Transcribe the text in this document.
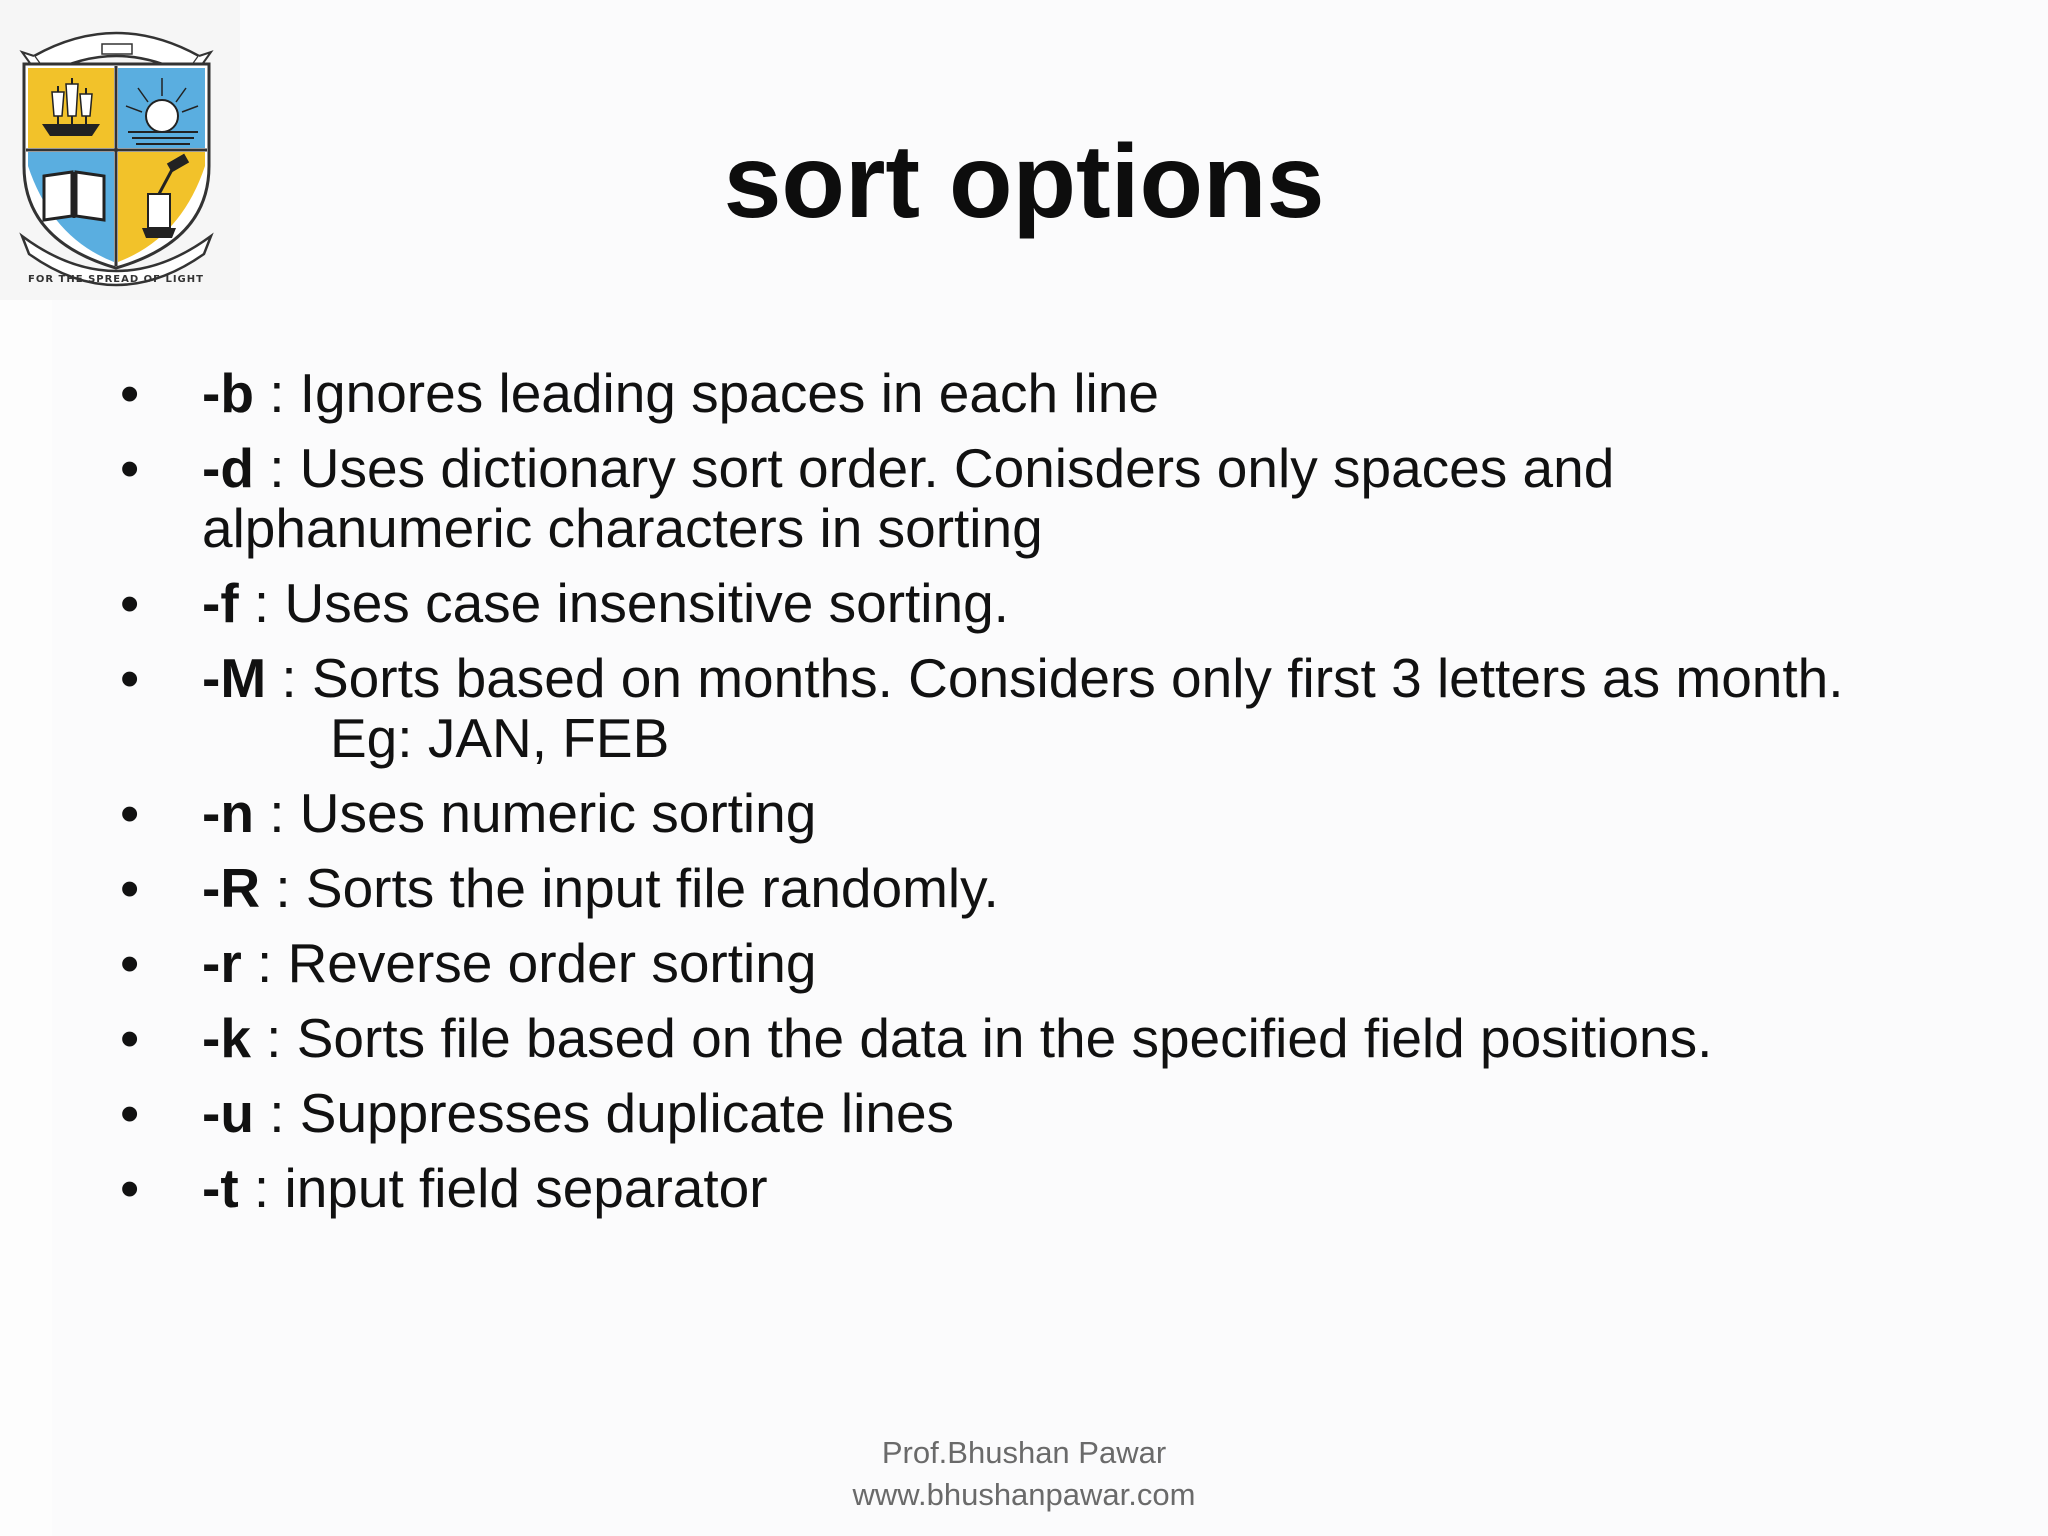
FOR THE SPREAD OF LIGHT
sort options
• -b : Ignores leading spaces in each line
• -d : Uses dictionary sort order. Conisders only spaces and
alphanumeric characters in sorting
• -f : Uses case insensitive sorting.
• -M : Sorts based on months. Considers only first 3 letters as month.
Eg: JAN, FEB
• -n : Uses numeric sorting
• -R : Sorts the input file randomly.
• -r : Reverse order sorting
• -k : Sorts file based on the data in the specified field positions.
• -u : Suppresses duplicate lines
• -t : input field separator
Prof.Bhushan Pawar
www.bhushanpawar.com
